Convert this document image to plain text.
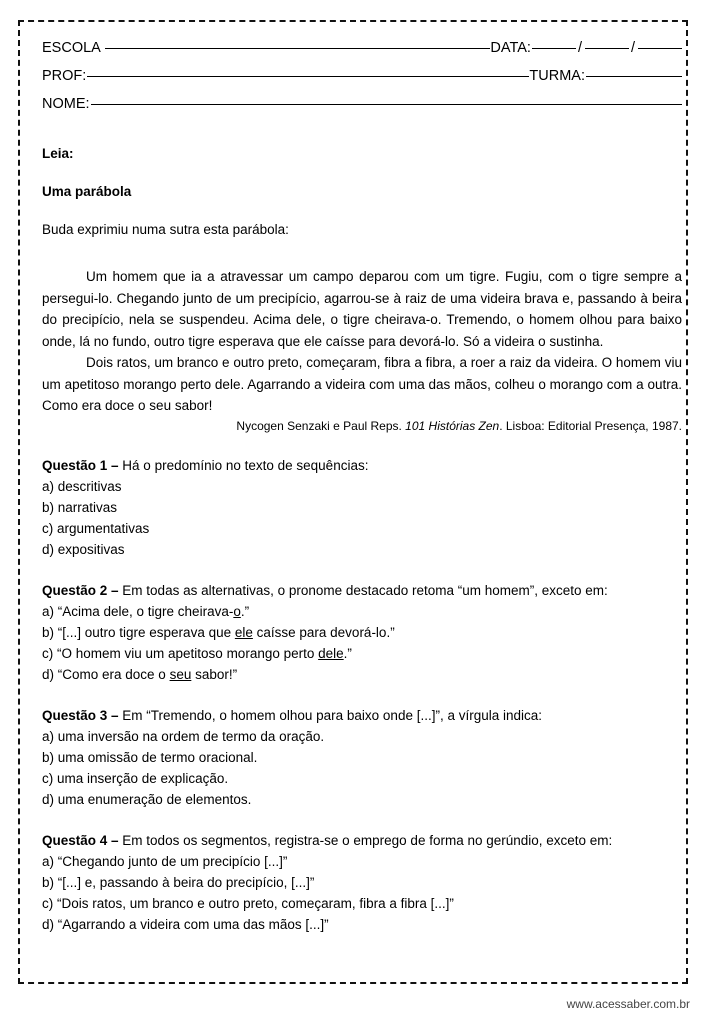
ESCOLA	DATA:	/	/
PROF:	TURMA:
NOME:
Leia:
Uma parábola
Buda exprimiu numa sutra esta parábola:

Um homem que ia a atravessar um campo deparou com um tigre. Fugiu, com o tigre sempre a persegui-lo. Chegando junto de um precipício, agarrou-se à raiz de uma videira brava e, passando à beira do precipício, nela se suspendeu. Acima dele, o tigre cheirava-o. Tremendo, o homem olhou para baixo onde, lá no fundo, outro tigre esperava que ele caísse para devorá-lo. Só a videira o sustinha.

Dois ratos, um branco e outro preto, começaram, fibra a fibra, a roer a raiz da videira. O homem viu um apetitoso morango perto dele. Agarrando a videira com uma das mãos, colheu o morango com a outra. Como era doce o seu sabor!

Nycogen Senzaki e Paul Reps. 101 Histórias Zen. Lisboa: Editorial Presença, 1987.

Questão 1 – Há o predomínio no texto de sequências:

a) descritivas

b) narrativas

c) argumentativas

d) expositivas

Questão 2 – Em todas as alternativas, o pronome destacado retoma “um homem”, exceto em:

a) “Acima dele, o tigre cheirava-o.”

b) “[...] outro tigre esperava que ele caísse para devorá-lo.”

c) “O homem viu um apetitoso morango perto dele.”

d) “Como era doce o seu sabor!”

Questão 3 – Em “Tremendo, o homem olhou para baixo onde [...]”, a vírgula indica:

a) uma inversão na ordem de termo da oração.

b) uma omissão de termo oracional.

c) uma inserção de explicação.

d) uma enumeração de elementos.

Questão 4 – Em todos os segmentos, registra-se o emprego de forma no gerúndio, exceto em:

a) “Chegando junto de um precipício [...]”

b) “[...] e, passando à beira do precipício, [...]”

c) “Dois ratos, um branco e outro preto, começaram, fibra a fibra [...]”

d) “Agarrando a videira com uma das mãos [...]”

www.acessaber.com.br
